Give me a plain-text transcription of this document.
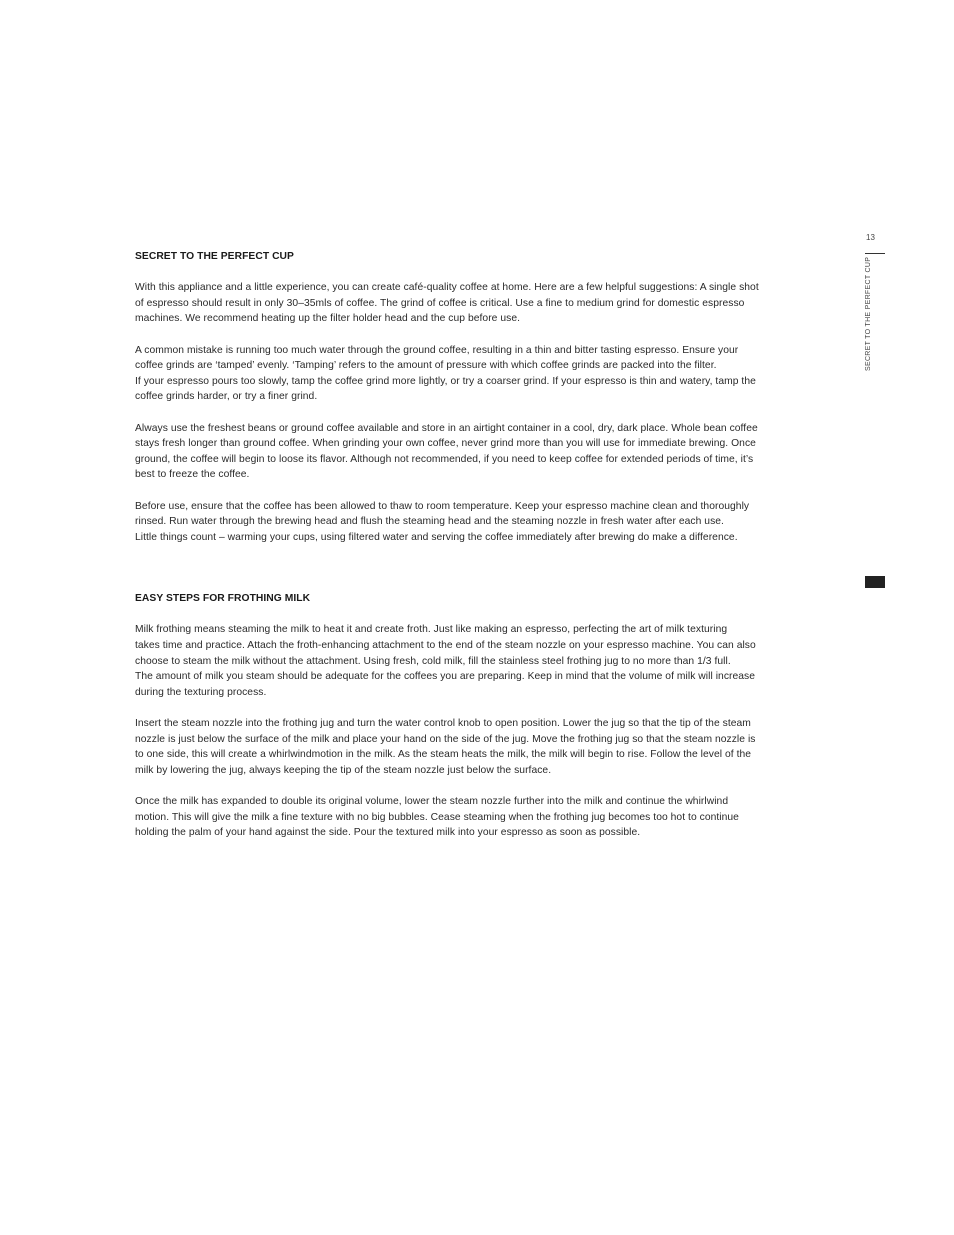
13
SECRET TO THE PERFECT CUP
SECRET TO THE PERFECT CUP

With this appliance and a little experience, you can create café-quality coffee at home. Here are a few helpful suggestions: A single shot
of espresso should result in only 30–35mls of coffee. The grind of coffee is critical. Use a fine to medium grind for domestic espresso
machines. We recommend heating up the filter holder head and the cup before use.

A common mistake is running too much water through the ground coffee, resulting in a thin and bitter tasting espresso. Ensure your
coffee grinds are ‘tamped’ evenly. ‘Tamping’ refers to the amount of pressure with which coffee grinds are packed into the filter.
If your espresso pours too slowly, tamp the coffee grind more lightly, or try a coarser grind. If your espresso is thin and watery, tamp the
coffee grinds harder, or try a finer grind.

Always use the freshest beans or ground coffee available and store in an airtight container in a cool, dry, dark place. Whole bean coffee
stays fresh longer than ground coffee. When grinding your own coffee, never grind more than you will use for immediate brewing. Once
ground, the coffee will begin to loose its flavor. Although not recommended, if you need to keep coffee for extended periods of time, it’s
best to freeze the coffee.

Before use, ensure that the coffee has been allowed to thaw to room temperature. Keep your espresso machine clean and thoroughly
rinsed. Run water through the brewing head and flush the steaming head and the steaming nozzle in fresh water after each use.
Little things count – warming your cups, using filtered water and serving the coffee immediately after brewing do make a difference.

EASY STEPS FOR FROTHING MILK

Milk frothing means steaming the milk to heat it and create froth. Just like making an espresso, perfecting the art of milk texturing
takes time and practice. Attach the froth-enhancing attachment to the end of the steam nozzle on your espresso machine. You can also
choose to steam the milk without the attachment. Using fresh, cold milk, fill the stainless steel frothing jug to no more than 1/3 full.
The amount of milk you steam should be adequate for the coffees you are preparing. Keep in mind that the volume of milk will increase
during the texturing process.

Insert the steam nozzle into the frothing jug and turn the water control knob to open position. Lower the jug so that the tip of the steam
nozzle is just below the surface of the milk and place your hand on the side of the jug. Move the frothing jug so that the steam nozzle is
to one side, this will create a whirlwindmotion in the milk. As the steam heats the milk, the milk will begin to rise. Follow the level of the
milk by lowering the jug, always keeping the tip of the steam nozzle just below the surface.

Once the milk has expanded to double its original volume, lower the steam nozzle further into the milk and continue the whirlwind
motion. This will give the milk a fine texture with no big bubbles. Cease steaming when the frothing jug becomes too hot to continue
holding the palm of your hand against the side. Pour the textured milk into your espresso as soon as possible.
